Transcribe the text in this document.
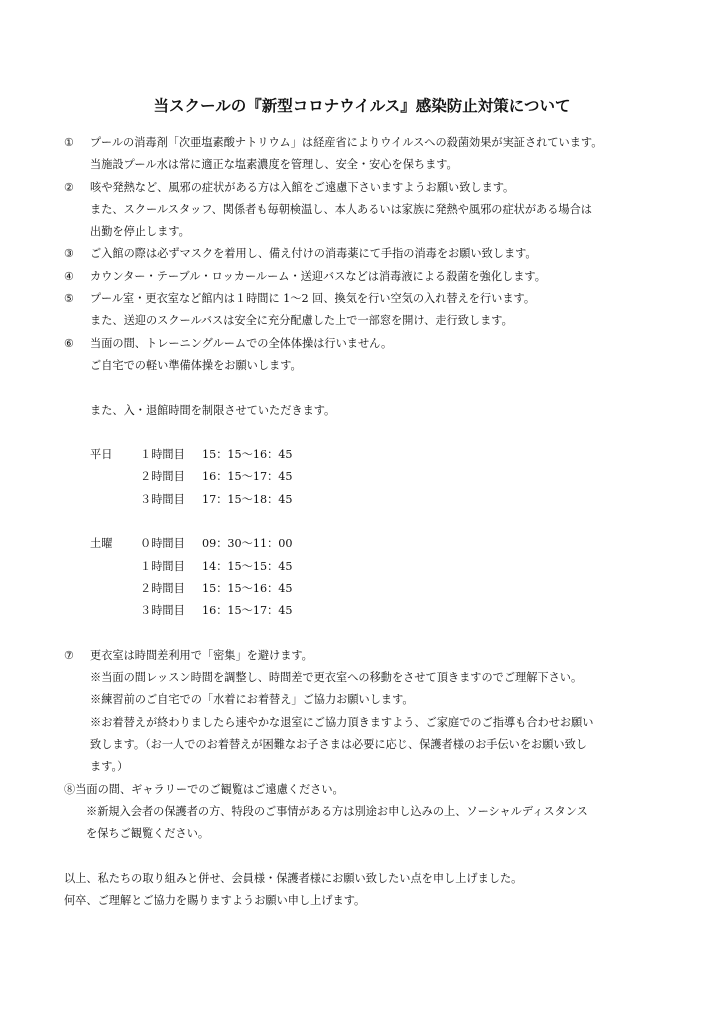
当スクールの『新型コロナウイルス』感染防止対策について
① プールの消毒剤「次亜塩素酸ナトリウム」は経産省によりウイルスへの殺菌効果が実証されています。
当施設プール水は常に適正な塩素濃度を管理し、安全・安心を保ちます。
② 咳や発熱など、風邪の症状がある方は入館をご遠慮下さいますようお願い致します。
また、スクールスタッフ、関係者も毎朝検温し、本人あるいは家族に発熱や風邪の症状がある場合は
出勤を停止します。
③ ご入館の際は必ずマスクを着用し、備え付けの消毒薬にて手指の消毒をお願い致します。
④ カウンター・テーブル・ロッカールーム・送迎バスなどは消毒液による殺菌を強化します。
⑤ プール室・更衣室など館内は１時間に 1～2 回、換気を行い空気の入れ替えを行います。
また、送迎のスクールバスは安全に充分配慮した上で一部窓を開け、走行致します。
⑥ 当面の間、トレーニングルームでの全体体操は行いません。
ご自宅での軽い準備体操をお願いします。
また、入・退館時間を制限させていただきます。
平日 １時間目 15：15～16：45
２時間目 16：15～17：45
３時間目 17：15～18：45
土曜 ０時間目 09：30～11：00
１時間目 14：15～15：45
２時間目 15：15～16：45
３時間目 16：15～17：45
⑦ 更衣室は時間差利用で「密集」を避けます。
※当面の間レッスン時間を調整し、時間差で更衣室への移動をさせて頂きますのでご理解下さい。
※練習前のご自宅での「水着にお着替え」ご協力お願いします。
※お着替えが終わりましたら速やかな退室にご協力頂きますよう、ご家庭でのご指導も合わせお願い
致します。（お一人でのお着替えが困難なお子さまは必要に応じ、保護者様のお手伝いをお願い致し
ます。）
⑧当面の間、ギャラリーでのご観覧はご遠慮ください。
※新規入会者の保護者の方、特段のご事情がある方は別途お申し込みの上、ソーシャルディスタンス
を保ちご観覧ください。
以上、私たちの取り組みと併せ、会員様・保護者様にお願い致したい点を申し上げました。
何卒、ご理解とご協力を賜りますようお願い申し上げます。
